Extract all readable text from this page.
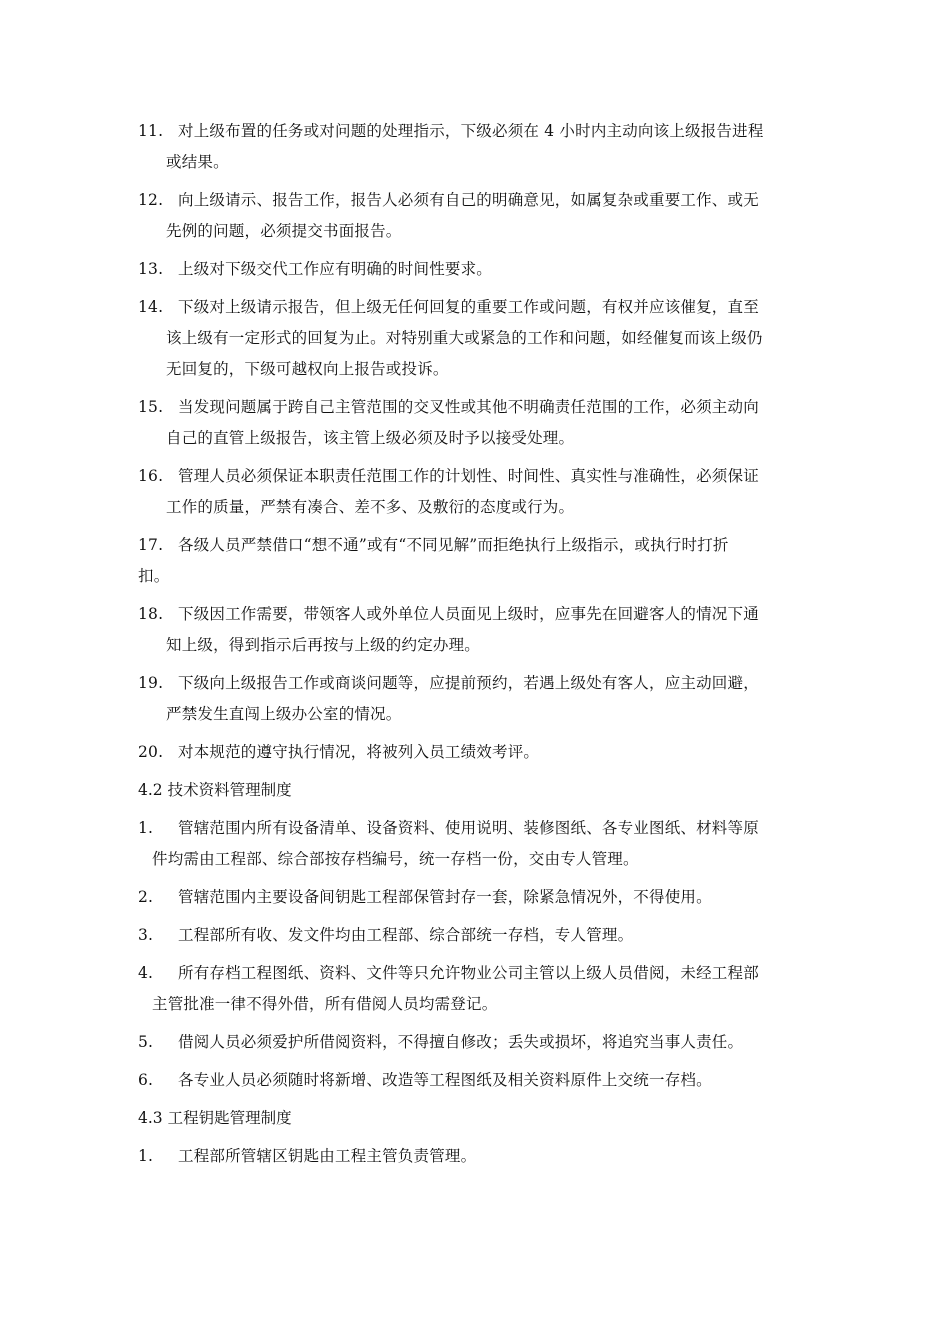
11. 对上级布置的任务或对问题的处理指示，下级必须在 4 小时内主动向该上级报告进程
或结果。
12. 向上级请示、报告工作，报告人必须有自己的明确意见，如属复杂或重要工作、或无
先例的问题，必须提交书面报告。
13. 上级对下级交代工作应有明确的时间性要求。
14. 下级对上级请示报告，但上级无任何回复的重要工作或问题，有权并应该催复，直至
该上级有一定形式的回复为止。对特别重大或紧急的工作和问题，如经催复而该上级仍
无回复的，下级可越权向上报告或投诉。
15. 当发现问题属于跨自己主管范围的交叉性或其他不明确责任范围的工作，必须主动向
自己的直管上级报告，该主管上级必须及时予以接受处理。
16. 管理人员必须保证本职责任范围工作的计划性、时间性、真实性与准确性，必须保证
工作的质量，严禁有凑合、差不多、及敷衍的态度或行为。
17. 各级人员严禁借口“想不通”或有“不同见解”而拒绝执行上级指示，或执行时打折
扣。
18. 下级因工作需要，带领客人或外单位人员面见上级时，应事先在回避客人的情况下通
知上级，得到指示后再按与上级的约定办理。
19. 下级向上级报告工作或商谈问题等，应提前预约，若遇上级处有客人，应主动回避，
严禁发生直闯上级办公室的情况。
20. 对本规范的遵守执行情况，将被列入员工绩效考评。
4.2 技术资料管理制度
1.	管辖范围内所有设备清单、设备资料、使用说明、装修图纸、各专业图纸、材料等原
件均需由工程部、综合部按存档编号，统一存档一份，交由专人管理。
2.	管辖范围内主要设备间钥匙工程部保管封存一套，除紧急情况外，不得使用。
3.	工程部所有收、发文件均由工程部、综合部统一存档，专人管理。
4.	所有存档工程图纸、资料、文件等只允许物业公司主管以上级人员借阅，未经工程部
主管批准一律不得外借，所有借阅人员均需登记。
5.	借阅人员必须爱护所借阅资料，不得擅自修改；丢失或损坏，将追究当事人责任。
6.	各专业人员必须随时将新增、改造等工程图纸及相关资料原件上交统一存档。
4.3 工程钥匙管理制度
1.	工程部所管辖区钥匙由工程主管负责管理。
